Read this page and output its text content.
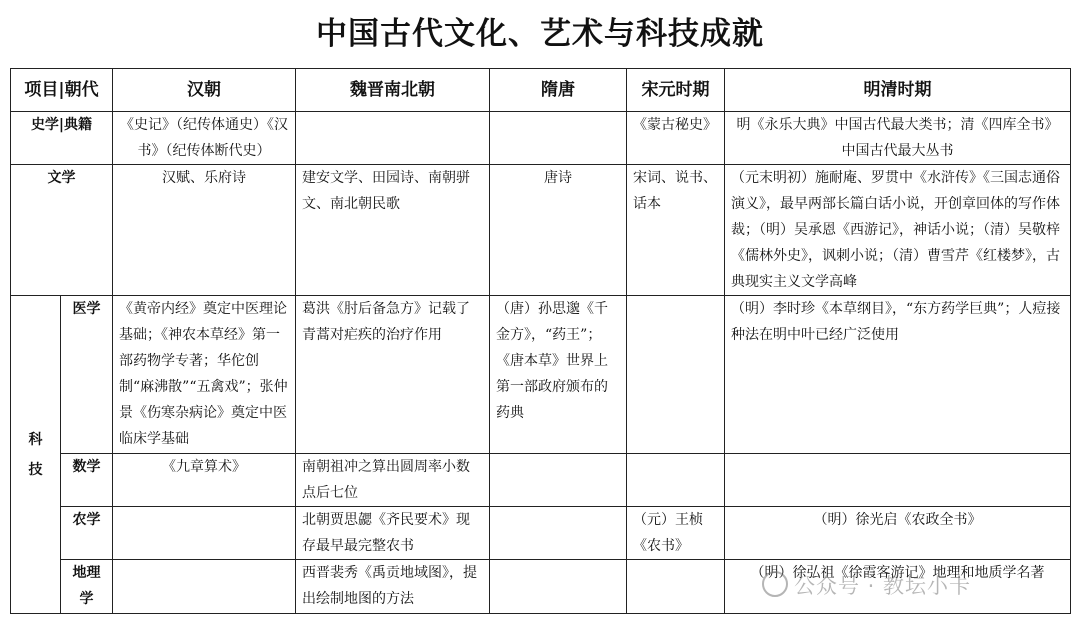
中国古代文化、艺术与科技成就
项目|朝代		汉朝	魏晋南北朝	隋唐	宋元时期	明清时期
史学|典籍		《史记》（纪传体通史）《汉书》（纪传体断代史）			《蒙古秘史》	明《永乐大典》中国古代最大类书；清《四库全书》中国古代最大丛书
文学		汉赋、乐府诗	建安文学、田园诗、南朝骈文、南北朝民歌	唐诗	宋词、说书、话本	（元末明初）施耐庵、罗贯中《水浒传》《三国志通俗演义》，最早两部长篇白话小说，开创章回体的写作体裁；（明）吴承恩《西游记》，神话小说；（清）吴敬梓《儒林外史》，讽刺小说；（清）曹雪芹《红楼梦》，古典现实主义文学高峰
科技	医学	《黄帝内经》奠定中医理论基础；《神农本草经》第一部药物学专著；华佗创制“麻沸散”“五禽戏”；张仲景《伤寒杂病论》奠定中医临床学基础	葛洪《肘后备急方》记载了青蒿对疟疾的治疗作用	（唐）孙思邈《千金方》，“药王”；《唐本草》世界上第一部政府颁布的药典		（明）李时珍《本草纲目》，“东方药学巨典”；人痘接种法在明中叶已经广泛使用
	数学	《九章算术》	南朝祖冲之算出圆周率小数点后七位			
	农学		北朝贾思勰《齐民要术》现存最早最完整农书		（元）王桢《农书》	（明）徐光启《农政全书》
	地理学		西晋裴秀《禹贡地域图》，提出绘制地图的方法			（明）徐弘祖《徐霞客游记》地理和地质学名著
公众号 · 教坛小卡
